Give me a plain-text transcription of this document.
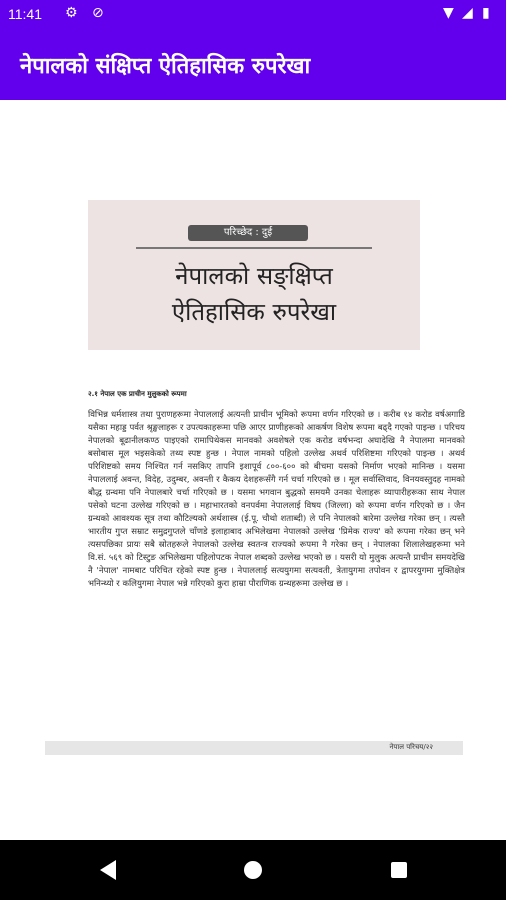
11:41 ⚙ ⊘	▼ ◢ ▮
नेपालको संक्षिप्त ऐतिहासिक रुपरेखा
परिच्छेद : दुई
नेपालको सङ्क्षिप्त
ऐतिहासिक रुपरेखा
२.१ नेपाल एक प्राचीन मुलुकको रूपमा
विभिन्न धर्मशास्त्र तथा पुराणहरूमा नेपाललाई अत्यन्ती प्राचीन भूमिको रूपमा वर्णन गरिएको छ । करीब १४ करोड वर्षअगाडि यसैका महाड्ड पर्वत श्रृङ्खलाहरू र उपत्यकाहरूमा पछि आएर प्राणीहरूको आकर्षण विशेष रूपमा बढ्दै गएको पाइन्छ । परिचय नेपालको बूढानीलकण्ठ पाइएको रामापिथेकस मानवको अवशेषले एक करोड वर्षभन्दा अघादेखि नै नेपालमा मानवको बसोबास मूल भइसकेको तथ्य स्पष्ट हुन्छ । नेपाल नामको पहिलो उल्लेख अथर्व परिशिष्टमा गरिएको पाइन्छ । अथर्व परिशिष्टको समय निश्चित गर्न नसकिए तापनि इशापूर्व ८००-६०० को बीचमा यसको निर्माण भएको मानिन्छ । यसमा नेपाललाई अवन्त, विदेह, उदुम्बर, अवन्ती र कैकय देशहरूसँगै गर्न चर्चा गरिएको छ । मूल सर्वास्तिवाद, विनयवस्तुदह नामको बौद्ध ग्रन्थमा पनि नेपालबारे चर्चा गरिएको छ । यसमा भगवान बुद्धको समयमै उनका चेलाहरू व्यापारीहरूका साथ नेपाल पसेको घटना उल्लेख गरिएको छ । महाभारतको वनपर्वमा नेपाललाई विषय (जिल्ला) को रूपमा वर्णन गरिएको छ । जैन ग्रन्थको आवश्यक सूत्र तथा कौटिल्यको अर्थशास्त्र (ई.पू. चौथो शताब्दी) ले पनि नेपालको बारेमा उल्लेख गरेका छन् । त्यस्तै भारतीय गुप्त सम्राट समुद्रगुप्तले चाँणडे इलाहाबाद अभिलेखमा नेपालको उल्लेख 'प्रिमेक राज्य' को रूपमा गरेका छन् भने त्यसपछिका प्रायः सबै स्रोतहरूले नेपालको उल्लेख स्वतन्त्र राज्यको रूपमा नै गरेका छन् । नेपालका शिलालेखहरूमा भने वि.सं. ५६९ को टिस्टुङ अभिलेखमा पहिलोपटक नेपाल शब्दको उल्लेख भएको छ । यसरी यो मुलुक अत्यन्तै प्राचीन समयदेखि नै 'नेपाल' नामबाट परिचित रहेको स्पष्ट हुन्छ । नेपाललाई सत्ययुगमा सत्यवती, त्रेतायुगमा तपोवन र द्वापरयुगमा मुक्तिक्षेत्र भनिन्थ्यो र कलियुगमा नेपाल भन्ने गरिएको कुरा हाम्रा पौराणिक ग्रन्थहरूमा उल्लेख छ ।
नेपाल परिचय/२२
